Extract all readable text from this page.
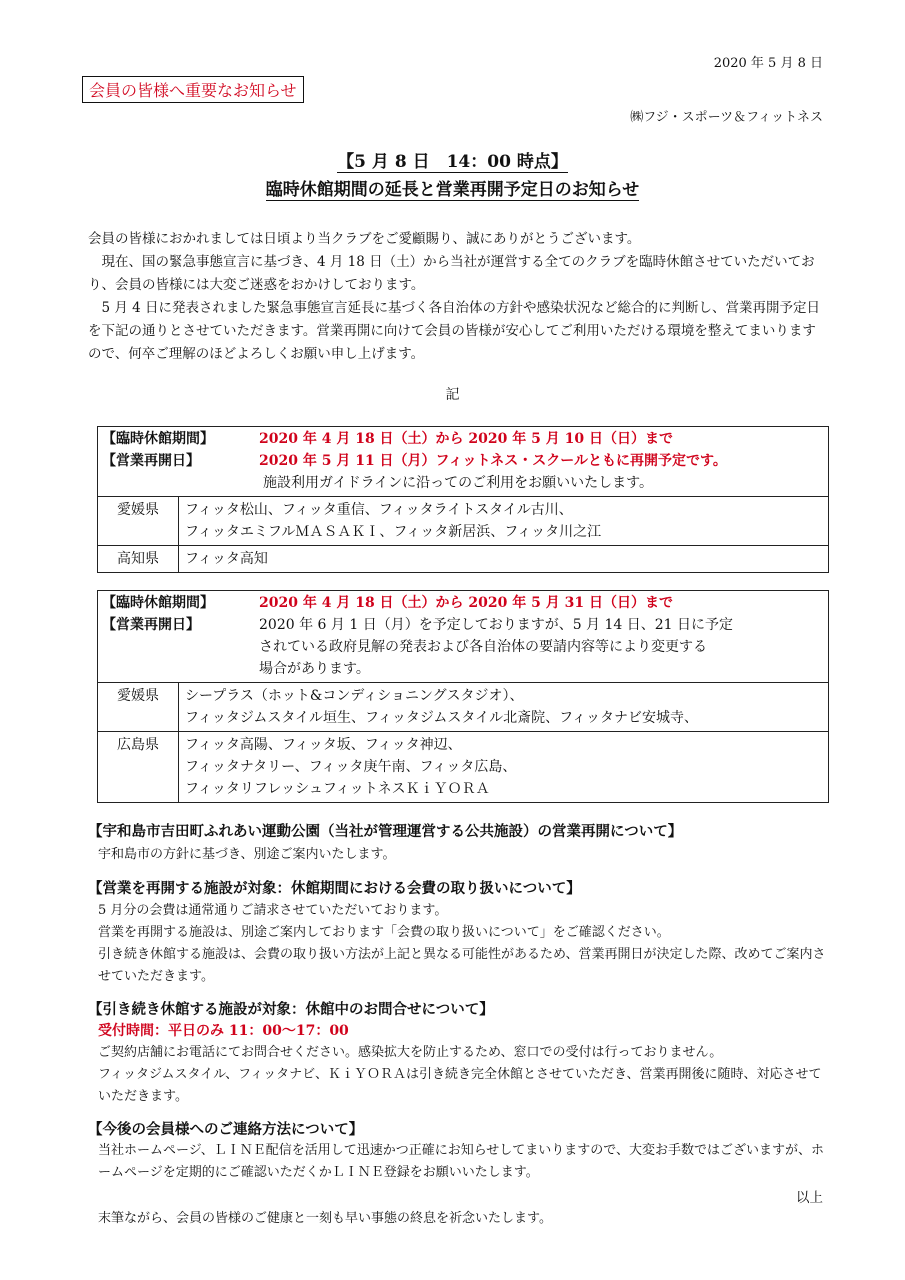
2020 年 5 月 8 日
会員の皆様へ重要なお知らせ
㈱フジ・スポーツ＆フィットネス
【5 月 8 日　14：00 時点】
臨時休館期間の延長と営業再開予定日のお知らせ

会員の皆様におかれましては日頃より当クラブをご愛顧賜り、誠にありがとうございます。

　現在、国の緊急事態宣言に基づき、4 月 18 日（土）から当社が運営する全てのクラブを臨時休館させていただいており、会員の皆様には大変ご迷惑をおかけしております。

　5 月 4 日に発表されました緊急事態宣言延長に基づく各自治体の方針や感染状況など総合的に判断し、営業再開予定日を下記の通りとさせていただきます。営業再開に向けて会員の皆様が安心してご利用いただける環境を整えてまいりますので、何卒ご理解のほどよろしくお願い申し上げます。

記
【臨時休館期間】 2020 年 4 月 18 日（土）から 2020 年 5 月 10 日（日）まで
【営業再開日】 2020 年 5 月 11 日（月）フィットネス・スクールともに再開予定です。
施設利用ガイドラインに沿ってのご利用をお願いいたします。	

愛媛県	フィッタ松山、フィッタ重信、フィッタライトスタイル古川、
フィッタエミフルＭＡＳＡＫＩ、フィッタ新居浜、フィッタ川之江

高知県	フィッタ高知
【臨時休館期間】 2020 年 4 月 18 日（土）から 2020 年 5 月 31 日（日）まで
【営業再開日】 2020 年 6 月 1 日（月）を予定しておりますが、5 月 14 日、21 日に予定
されている政府見解の発表および各自治体の要請内容等により変更する
場合があります。	

愛媛県	シープラス（ホット&コンディショニングスタジオ）、
フィッタジムスタイル垣生、フィッタジムスタイル北斎院、フィッタナビ安城寺、

広島県	フィッタ高陽、フィッタ坂、フィッタ神辺、
フィッタナタリー、フィッタ庚午南、フィッタ広島、
フィッタリフレッシュフィットネスＫｉＹＯＲＡ
【宇和島市吉田町ふれあい運動公園（当社が管理運営する公共施設）の営業再開について】
宇和島市の方針に基づき、別途ご案内いたします。
【営業を再開する施設が対象：休館期間における会費の取り扱いについて】

5 月分の会費は通常通りご請求させていただいております。

営業を再開する施設は、別途ご案内しております「会費の取り扱いについて」をご確認ください。

引き続き休館する施設は、会費の取り扱い方法が上記と異なる可能性があるため、営業再開日が決定した際、改めてご案内させていただきます。

【引き続き休館する施設が対象：休館中のお問合せについて】

受付時間：平日のみ 11：00〜17：00

ご契約店舗にお電話にてお問合せください。感染拡大を防止するため、窓口での受付は行っておりません。

フィッタジムスタイル、フィッタナビ、ＫｉＹＯＲＡは引き続き完全休館とさせていただき、営業再開後に随時、対応させていただきます。

【今後の会員様へのご連絡方法について】
当社ホームページ、ＬＩＮＥ配信を活用して迅速かつ正確にお知らせしてまいりますので、大変お手数ではございますが、ホームページを定期的にご確認いただくかＬＩＮＥ登録をお願いいたします。
以上
末筆ながら、会員の皆様のご健康と一刻も早い事態の終息を祈念いたします。
